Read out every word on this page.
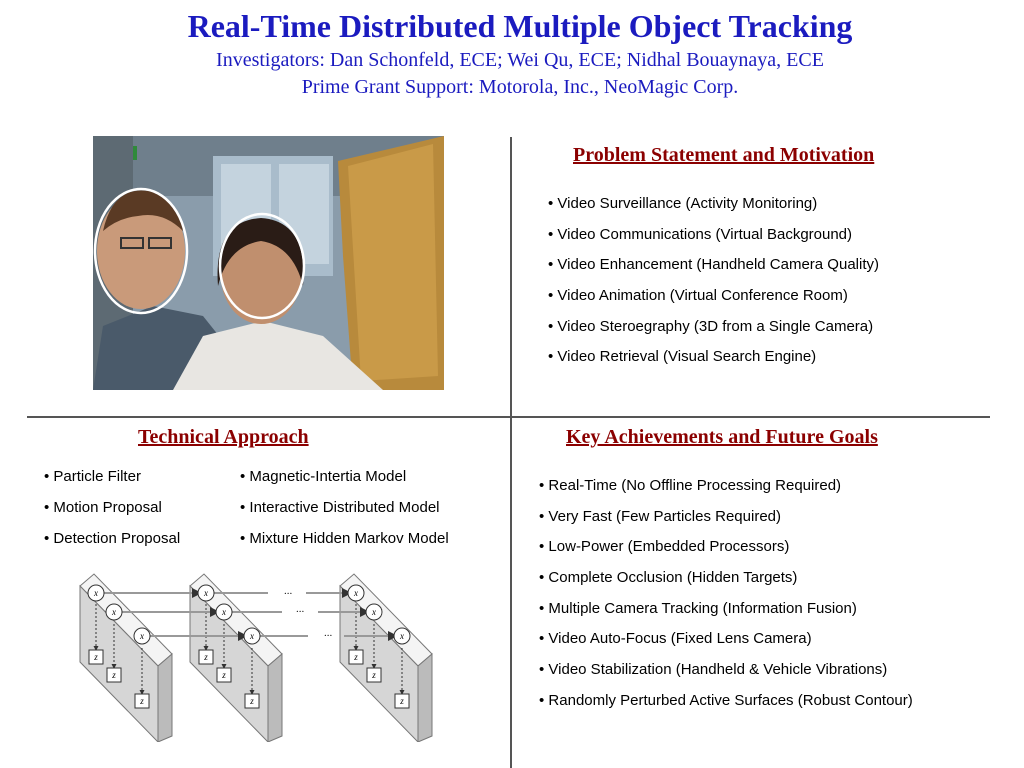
Real-Time Distributed Multiple Object Tracking
Investigators: Dan Schonfeld, ECE; Wei Qu, ECE; Nidhal Bouaynaya, ECE
Prime Grant Support: Motorola, Inc., NeoMagic Corp.
Problem Statement and Motivation
• Video Surveillance (Activity Monitoring)
• Video Communications (Virtual Background)
• Video Enhancement (Handheld Camera Quality)
• Video Animation (Virtual Conference Room)
• Video Steroegraphy (3D from a Single Camera)
• Video Retrieval (Visual Search Engine)
Technical Approach
• Particle Filter
• Motion Proposal
• Detection Proposal
• Magnetic-Intertia Model
• Interactive Distributed Model
• Mixture Hidden Markov Model
...
...
...
x
x
x
x
x
x
x
x
x
z
z
z
z
z
z
z
z
z
Key Achievements and Future Goals
• Real-Time (No Offline Processing Required)
• Very Fast (Few Particles Required)
• Low-Power (Embedded Processors)
• Complete Occlusion (Hidden Targets)
• Multiple Camera Tracking (Information Fusion)
• Video Auto-Focus (Fixed Lens Camera)
• Video Stabilization (Handheld & Vehicle Vibrations)
• Randomly Perturbed Active Surfaces (Robust Contour)
